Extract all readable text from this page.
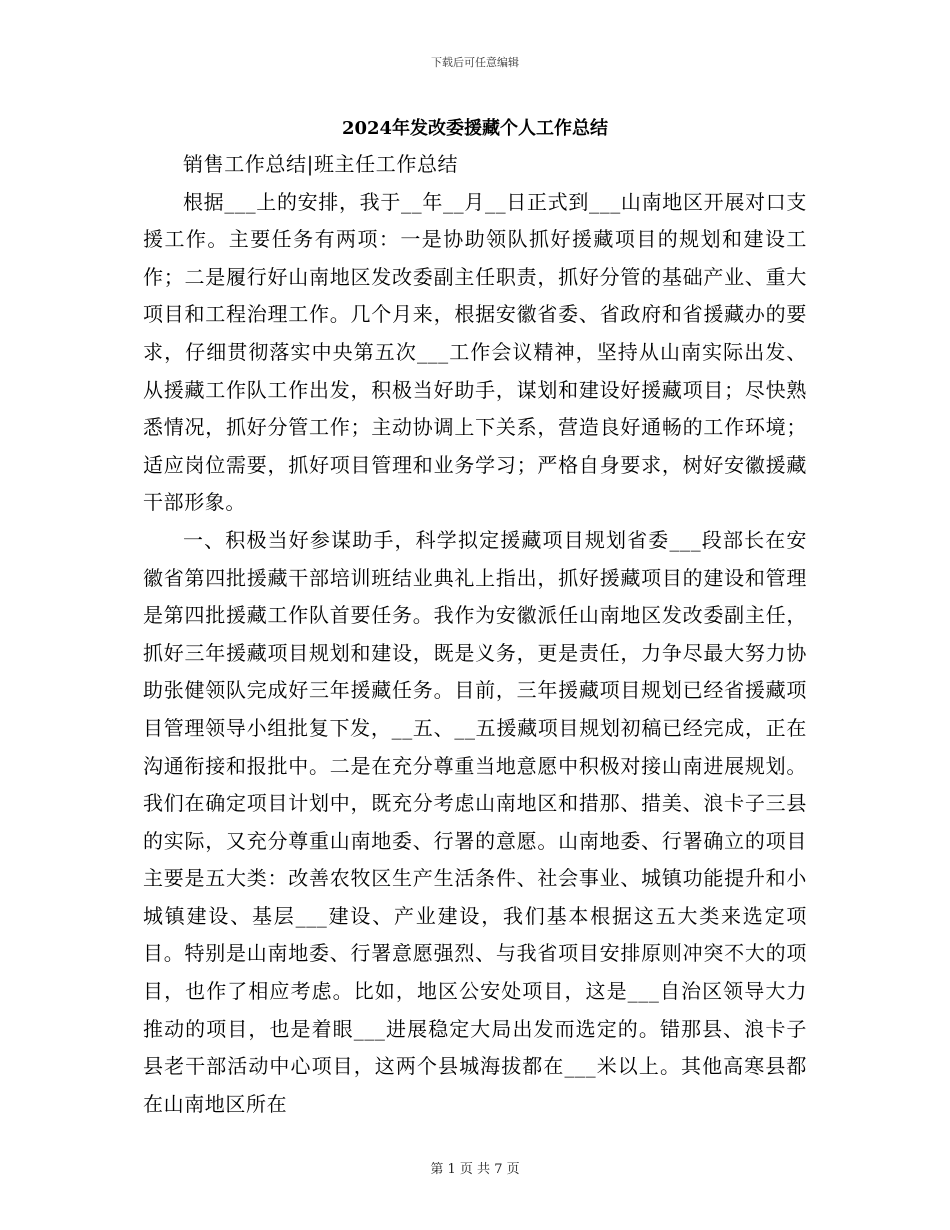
下载后可任意编辑
2024年发改委援藏个人工作总结

销售工作总结|班主任工作总结

根据___上的安排，我于__年__月__日正式到___山南地区开展对口支援工作。主要任务有两项：一是协助领队抓好援藏项目的规划和建设工作；二是履行好山南地区发改委副主任职责，抓好分管的基础产业、重大项目和工程治理工作。几个月来，根据安徽省委、省政府和省援藏办的要求，仔细贯彻落实中央第五次___工作会议精神，坚持从山南实际出发、从援藏工作队工作出发，积极当好助手，谋划和建设好援藏项目；尽快熟悉情况，抓好分管工作；主动协调上下关系，营造良好通畅的工作环境；适应岗位需要，抓好项目管理和业务学习；严格自身要求，树好安徽援藏干部形象。

一、积极当好参谋助手，科学拟定援藏项目规划省委___段部长在安徽省第四批援藏干部培训班结业典礼上指出，抓好援藏项目的建设和管理是第四批援藏工作队首要任务。我作为安徽派任山南地区发改委副主任，抓好三年援藏项目规划和建设，既是义务，更是责任，力争尽最大努力协助张健领队完成好三年援藏任务。目前，三年援藏项目规划已经省援藏项目管理领导小组批复下发，__五、__五援藏项目规划初稿已经完成，正在沟通衔接和报批中。二是在充分尊重当地意愿中积极对接山南进展规划。我们在确定项目计划中，既充分考虑山南地区和措那、措美、浪卡子三县的实际，又充分尊重山南地委、行署的意愿。山南地委、行署确立的项目主要是五大类：改善农牧区生产生活条件、社会事业、城镇功能提升和小城镇建设、基层___建设、产业建设，我们基本根据这五大类来选定项目。特别是山南地委、行署意愿强烈、与我省项目安排原则冲突不大的项目，也作了相应考虑。比如，地区公安处项目，这是___自治区领导大力推动的项目，也是着眼___进展稳定大局出发而选定的。错那县、浪卡子县老干部活动中心项目，这两个县城海拔都在___米以上。其他高寒县都在山南地区所在

第 1 页 共 7 页
